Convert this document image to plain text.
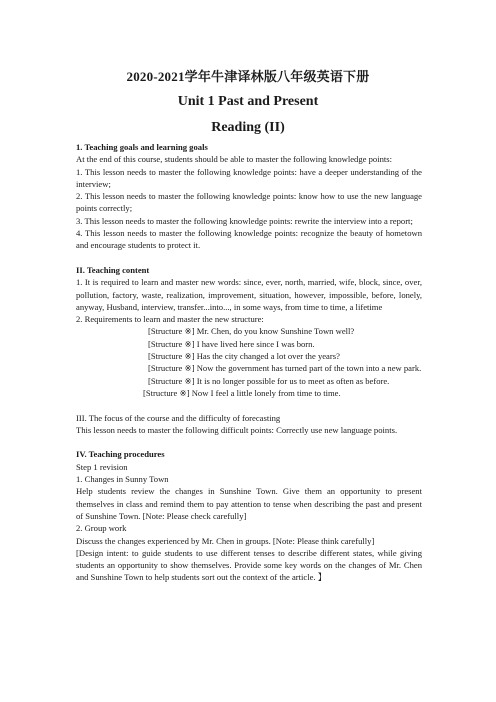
2020-2021学年牛津译林版八年级英语下册
Unit 1 Past and Present
Reading (II)

1. Teaching goals and learning goals

At the end of this course, students should be able to master the following knowledge points:

1. This lesson needs to master the following knowledge points: have a deeper understanding of the interview;

2. This lesson needs to master the following knowledge points: know how to use the new language points correctly;

3. This lesson needs to master the following knowledge points: rewrite the interview into a report;

4. This lesson needs to master the following knowledge points: recognize the beauty of hometown and encourage students to protect it.

II. Teaching content

1. It is required to learn and master new words: since, ever, north, married, wife, block, since, over, pollution, factory, waste, realization, improvement, situation, however, impossible, before, lonely, anyway, Husband, interview, transfer...into..., in some ways, from time to time, a lifetime

2. Requirements to learn and master the new structure:

[Structure ※] Mr. Chen, do you know Sunshine Town well?

[Structure ※] I have lived here since I was born.

[Structure ※] Has the city changed a lot over the years?

[Structure ※] Now the government has turned part of the town into a new park.

[Structure ※] It is no longer possible for us to meet as often as before.

[Structure ※] Now I feel a little lonely from time to time.

III. The focus of the course and the difficulty of forecasting

This lesson needs to master the following difficult points: Correctly use new language points.

IV. Teaching procedures

Step 1 revision

1. Changes in Sunny Town

Help students review the changes in Sunshine Town. Give them an opportunity to present themselves in class and remind them to pay attention to tense when describing the past and present of Sunshine Town. [Note: Please check carefully]

2. Group work

Discuss the changes experienced by Mr. Chen in groups. [Note: Please think carefully]

[Design intent: to guide students to use different tenses to describe different states, while giving students an opportunity to show themselves. Provide some key words on the changes of Mr. Chen and Sunshine Town to help students sort out the context of the article. 】
